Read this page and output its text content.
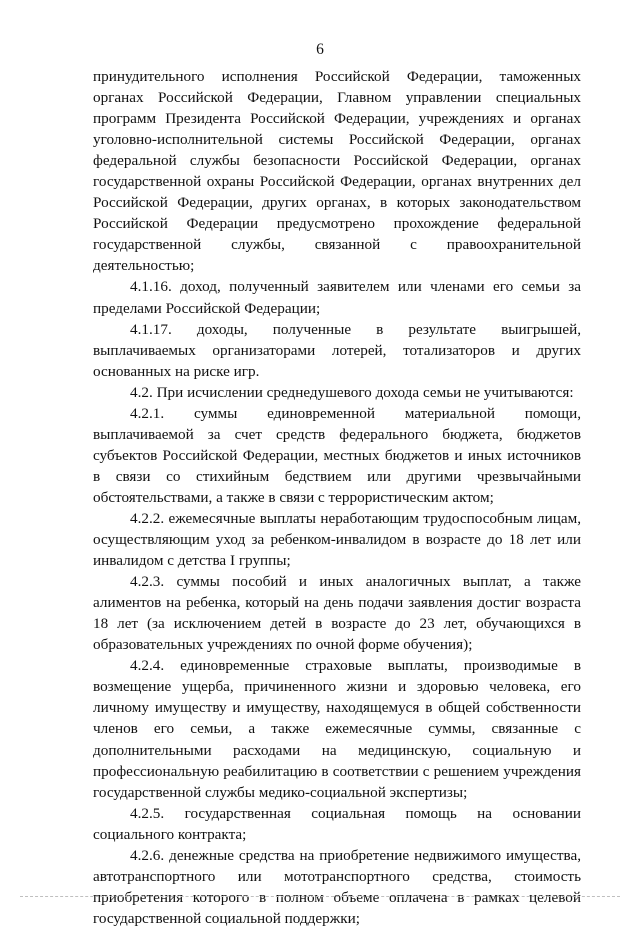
6

принудительного исполнения Российской Федерации, таможенных органах Российской Федерации, Главном управлении специальных программ Президента Российской Федерации, учреждениях и органах уголовно-исполнительной системы Российской Федерации, органах федеральной службы безопасности Российской Федерации, органах государственной охраны Российской Федерации, органах внутренних дел Российской Федерации, других органах, в которых законодательством Российской Федерации предусмотрено прохождение федеральной государственной службы, связанной с правоохранительной деятельностью;

4.1.16. доход, полученный заявителем или членами его семьи за пределами Российской Федерации;

4.1.17. доходы, полученные в результате выигрышей, выплачиваемых организаторами лотерей, тотализаторов и других основанных на риске игр.

4.2. При исчислении среднедушевого дохода семьи не учитываются:

4.2.1. суммы единовременной материальной помощи, выплачиваемой за счет средств федерального бюджета, бюджетов субъектов Российской Федерации, местных бюджетов и иных источников в связи со стихийным бедствием или другими чрезвычайными обстоятельствами, а также в связи с террористическим актом;

4.2.2. ежемесячные выплаты неработающим трудоспособным лицам, осуществляющим уход за ребенком-инвалидом в возрасте до 18 лет или инвалидом с детства I группы;

4.2.3. суммы пособий и иных аналогичных выплат, а также алиментов на ребенка, который на день подачи заявления достиг возраста 18 лет (за исключением детей в возрасте до 23 лет, обучающихся в образовательных учреждениях по очной форме обучения);

4.2.4. единовременные страховые выплаты, производимые в возмещение ущерба, причиненного жизни и здоровью человека, его личному имуществу и имуществу, находящемуся в общей собственности членов его семьи, а также ежемесячные суммы, связанные с дополнительными расходами на медицинскую, социальную и профессиональную реабилитацию в соответствии с решением учреждения государственной службы медико-социальной экспертизы;

4.2.5. государственная социальная помощь на основании социального контракта;

4.2.6. денежные средства на приобретение недвижимого имущества, автотранспортного или мототранспортного средства, стоимость приобретения которого в полном объеме оплачена в рамках целевой государственной социальной поддержки;
